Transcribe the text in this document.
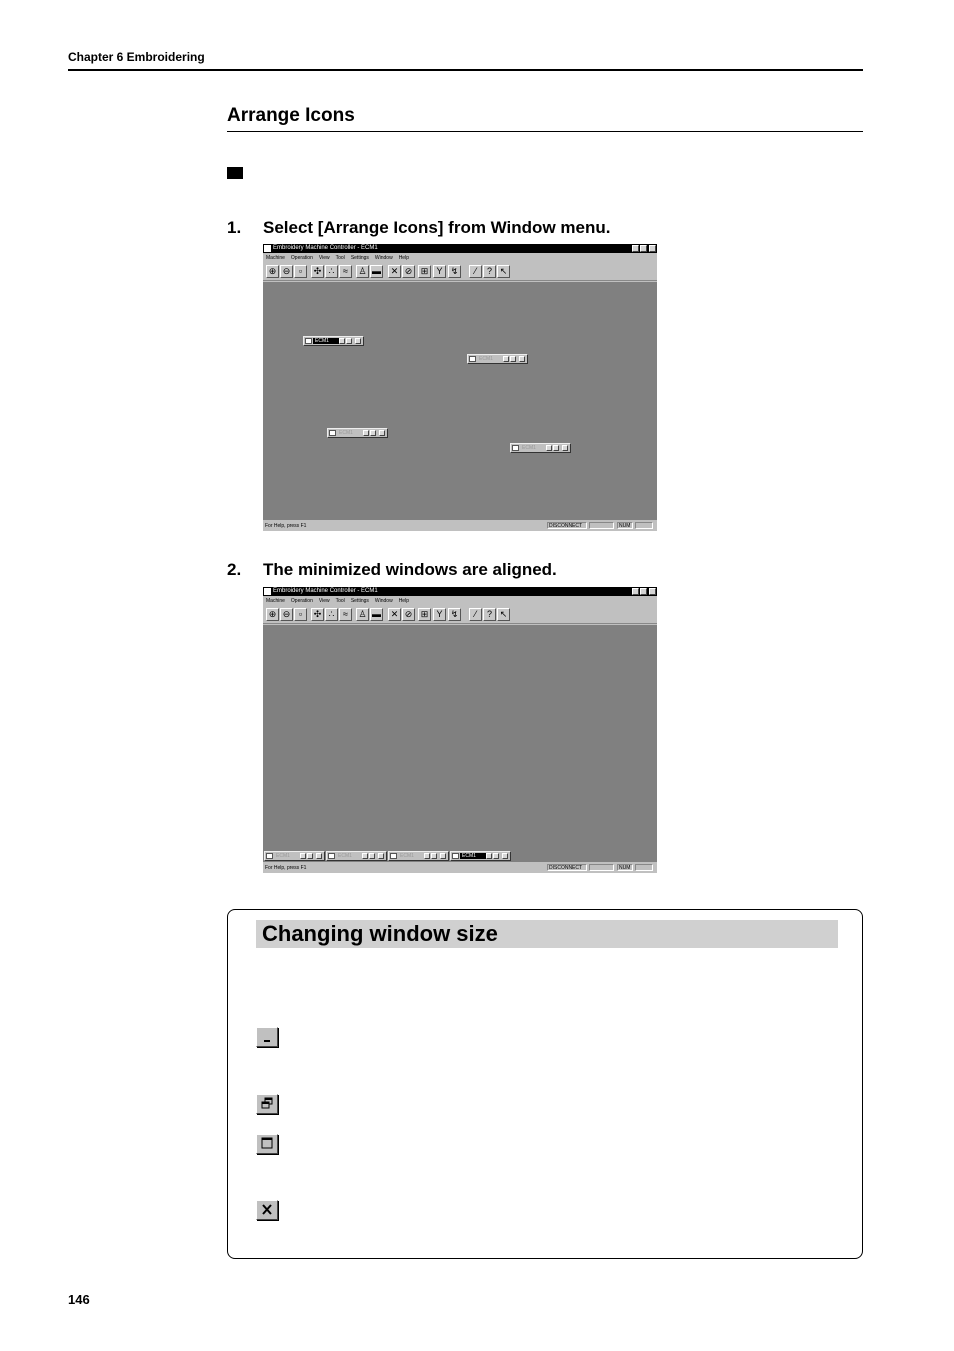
Chapter 6 Embroidering
Arrange Icons
1. Select [Arrange Icons] from Window menu.
Embroidery Machine Controller - ECM1
Machine Operation View Tool Settings Window Help
⊕ ⊖ ▫	✣ ∴ ≈	♙ ▬	✕ ⊘ ⊞ Y ↯	⁄	? ↖
ECM1
ECM1
ECM1
ECM1
For Help, press F1	DISCONNECT	NUM
2. The minimized windows are aligned.
Embroidery Machine Controller - ECM1
Machine Operation View Tool Settings Window Help
⊕ ⊖ ▫	✣ ∴ ≈	♙ ▬	✕ ⊘ ⊞ Y ↯	⁄	? ↖
ECM1	ECM1	ECM1	ECM1
For Help, press F1	DISCONNECT	NUM
Changing window size
146
